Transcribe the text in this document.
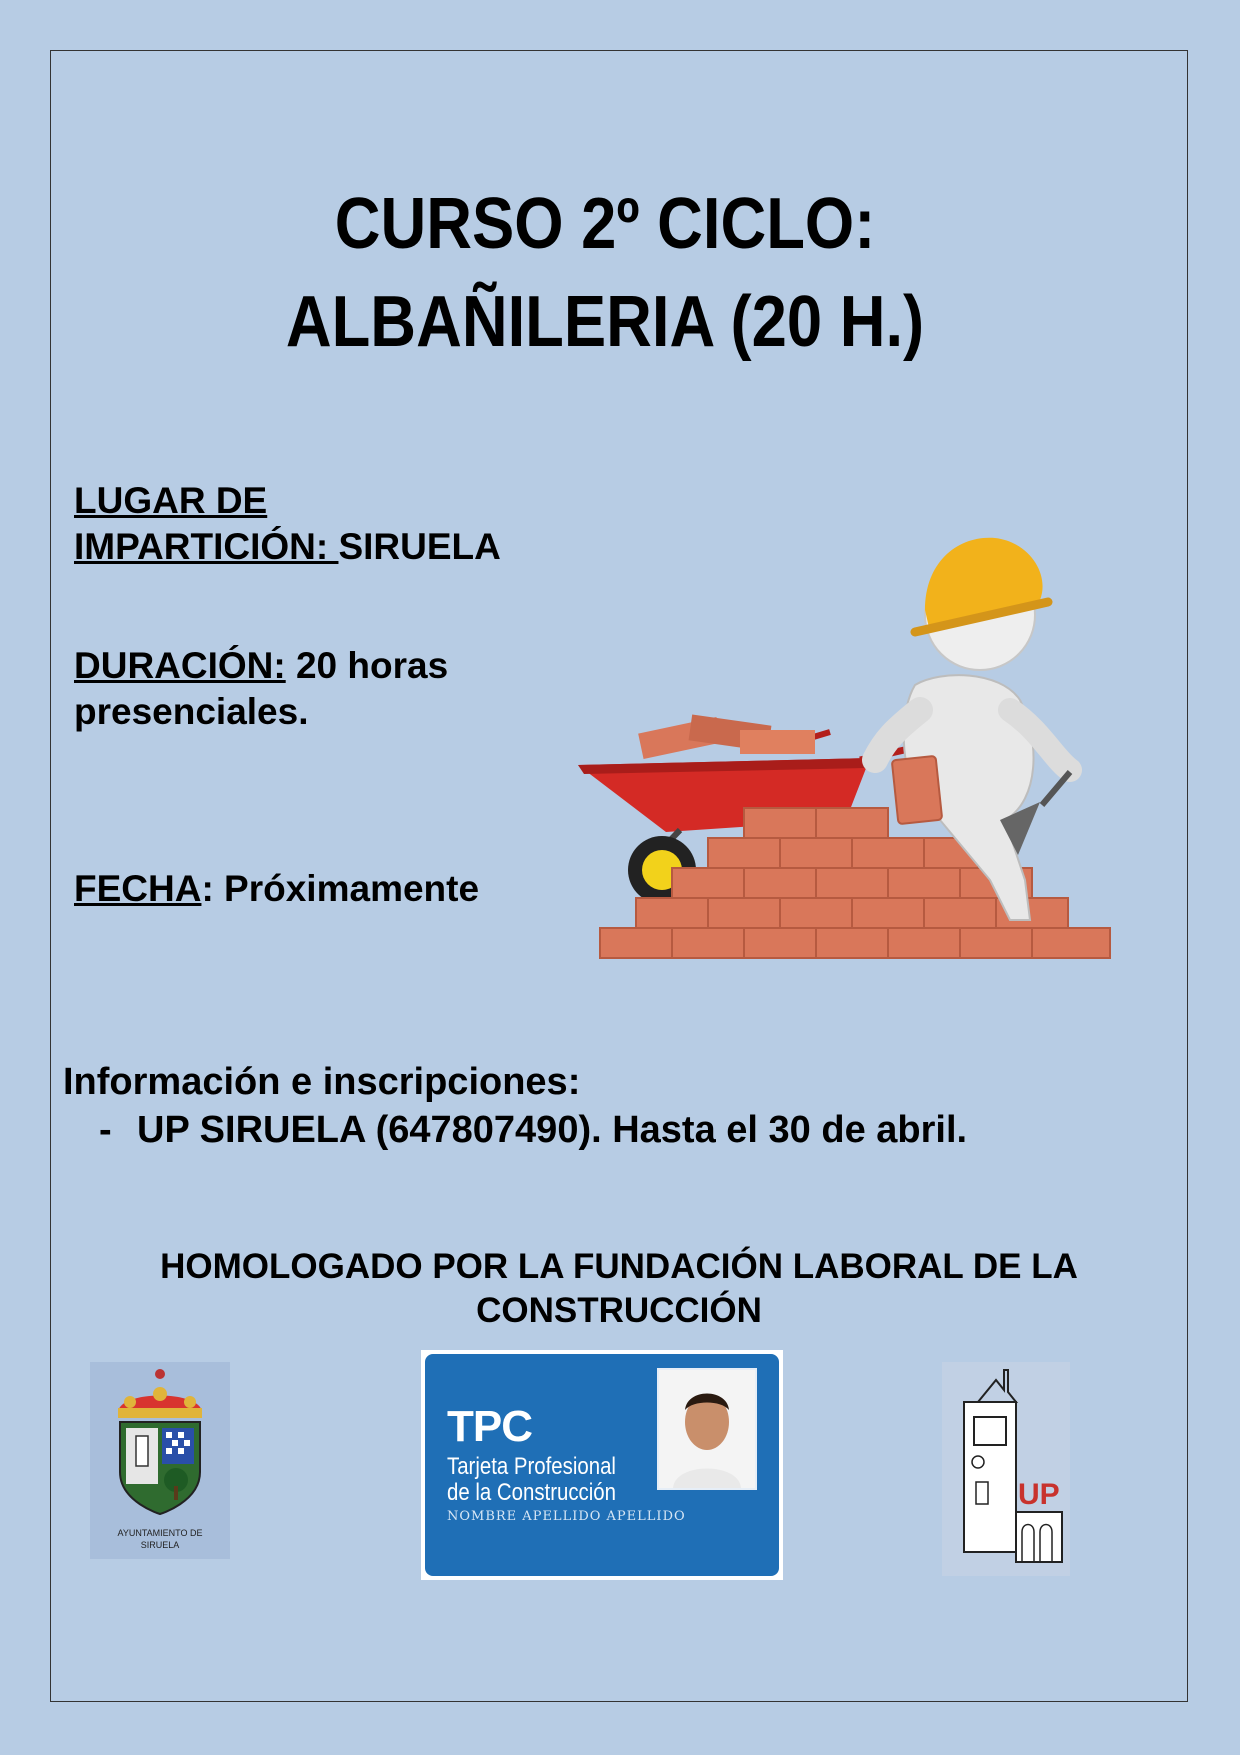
CURSO 2º CICLO:
ALBAÑILERIA (20 H.)
LUGAR DE
IMPARTICIÓN: SIRUELA
DURACIÓN: 20 horas
presenciales.
FECHA: Próximamente
Información e inscripciones:
- UP SIRUELA (647807490). Hasta el 30 de abril.
HOMOLOGADO POR LA FUNDACIÓN LABORAL DE LA
CONSTRUCCIÓN
AYUNTAMIENTO DE
SIRUELA
TPC
Tarjeta Profesional
de la Construcción
NOMBRE APELLIDO APELLIDO
UP
